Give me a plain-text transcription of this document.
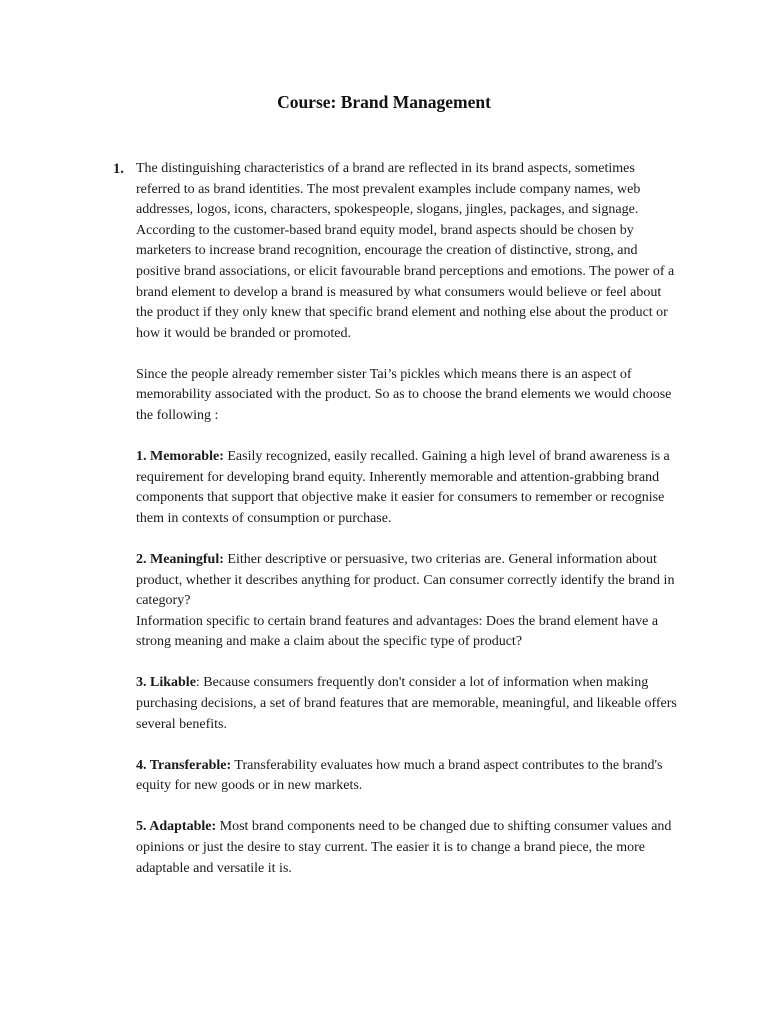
Course: Brand Management
1. The distinguishing characteristics of a brand are reflected in its brand aspects, sometimes referred to as brand identities. The most prevalent examples include company names, web addresses, logos, icons, characters, spokespeople, slogans, jingles, packages, and signage. According to the customer-based brand equity model, brand aspects should be chosen by marketers to increase brand recognition, encourage the creation of distinctive, strong, and positive brand associations, or elicit favourable brand perceptions and emotions. The power of a brand element to develop a brand is measured by what consumers would believe or feel about the product if they only knew that specific brand element and nothing else about the product or how it would be branded or promoted.

Since the people already remember sister Tai’s pickles which means there is an aspect of memorability associated with the product. So as to choose the brand elements we would choose the following :

1. Memorable: Easily recognized, easily recalled. Gaining a high level of brand awareness is a requirement for developing brand equity. Inherently memorable and attention-grabbing brand components that support that objective make it easier for consumers to remember or recognise them in contexts of consumption or purchase.

2. Meaningful: Either descriptive or persuasive, two criterias are. General information about product, whether it describes anything for product. Can consumer correctly identify the brand in category?

Information specific to certain brand features and advantages: Does the brand element have a strong meaning and make a claim about the specific type of product?

3. Likable: Because consumers frequently don't consider a lot of information when making purchasing decisions, a set of brand features that are memorable, meaningful, and likeable offers several benefits.

4. Transferable: Transferability evaluates how much a brand aspect contributes to the brand's equity for new goods or in new markets.

5. Adaptable: Most brand components need to be changed due to shifting consumer values and opinions or just the desire to stay current. The easier it is to change a brand piece, the more adaptable and versatile it is.
